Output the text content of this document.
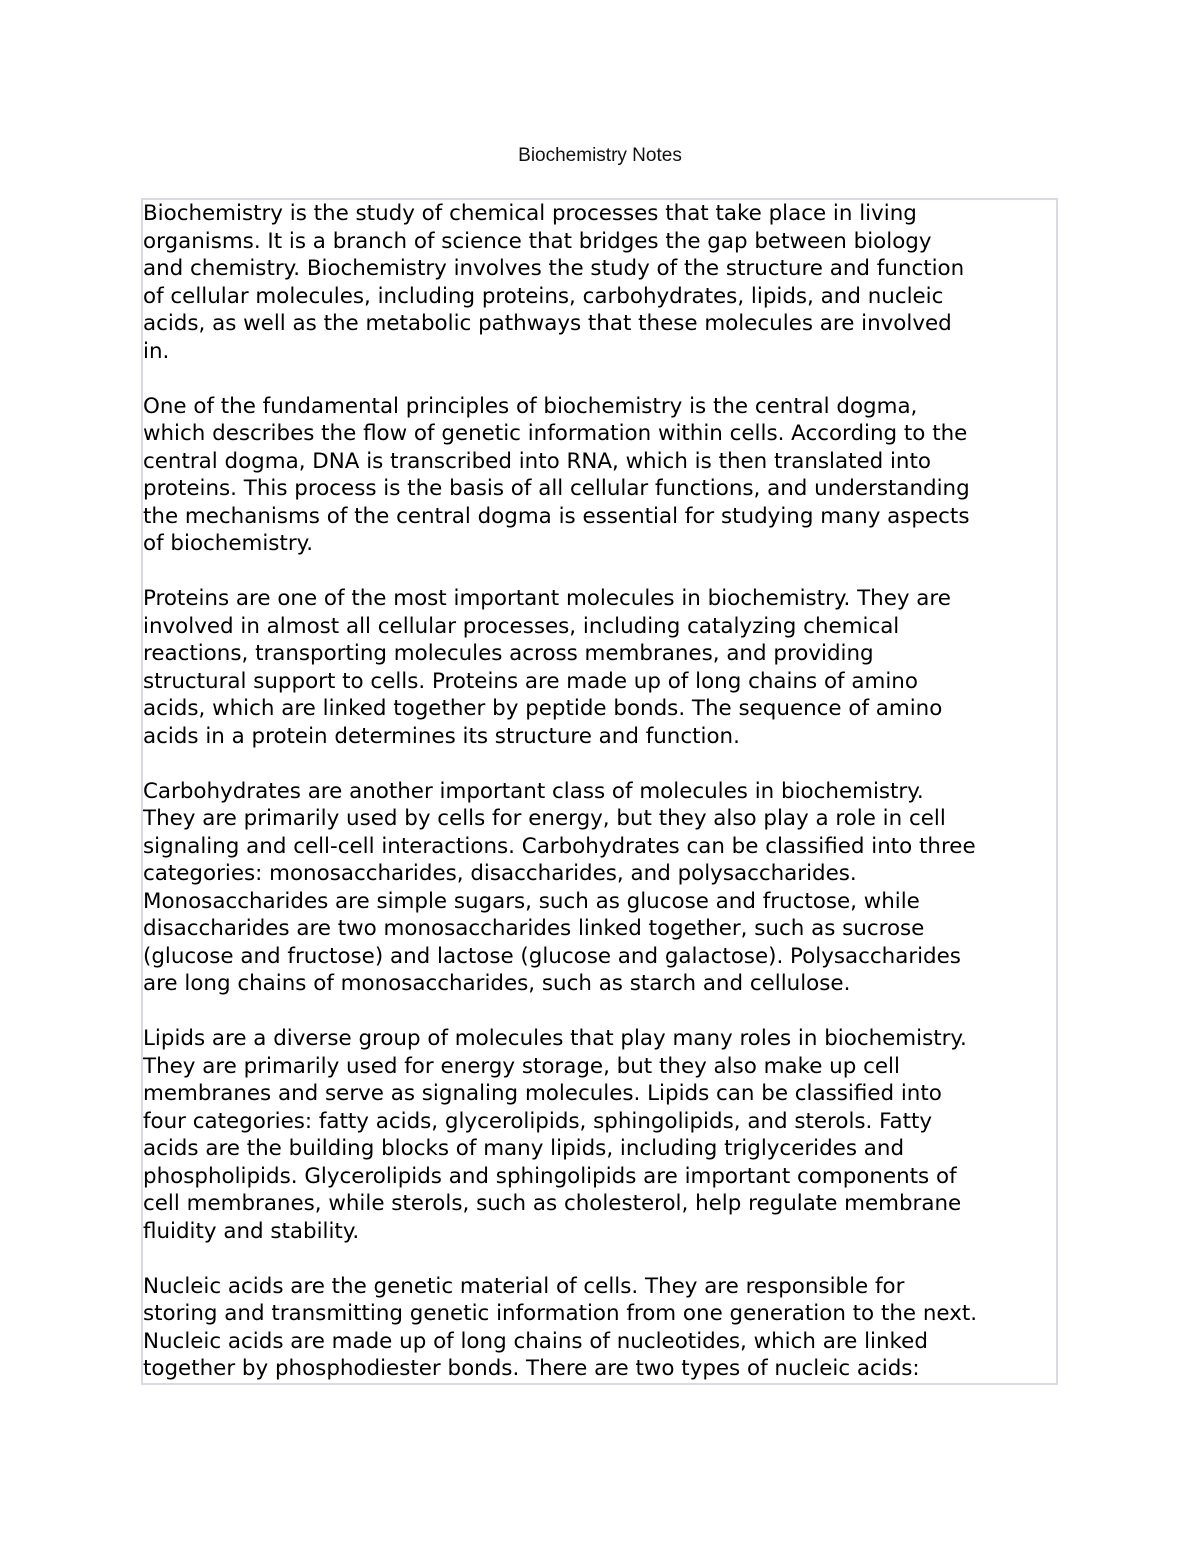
Biochemistry Notes

Biochemistry is the study of chemical processes that take place in living
organisms. It is a branch of science that bridges the gap between biology
and chemistry. Biochemistry involves the study of the structure and function
of cellular molecules, including proteins, carbohydrates, lipids, and nucleic
acids, as well as the metabolic pathways that these molecules are involved
in.

One of the fundamental principles of biochemistry is the central dogma,
which describes the flow of genetic information within cells. According to the
central dogma, DNA is transcribed into RNA, which is then translated into
proteins. This process is the basis of all cellular functions, and understanding
the mechanisms of the central dogma is essential for studying many aspects
of biochemistry.

Proteins are one of the most important molecules in biochemistry. They are
involved in almost all cellular processes, including catalyzing chemical
reactions, transporting molecules across membranes, and providing
structural support to cells. Proteins are made up of long chains of amino
acids, which are linked together by peptide bonds. The sequence of amino
acids in a protein determines its structure and function.

Carbohydrates are another important class of molecules in biochemistry.
They are primarily used by cells for energy, but they also play a role in cell
signaling and cell-cell interactions. Carbohydrates can be classified into three
categories: monosaccharides, disaccharides, and polysaccharides.
Monosaccharides are simple sugars, such as glucose and fructose, while
disaccharides are two monosaccharides linked together, such as sucrose
(glucose and fructose) and lactose (glucose and galactose). Polysaccharides
are long chains of monosaccharides, such as starch and cellulose.

Lipids are a diverse group of molecules that play many roles in biochemistry.
They are primarily used for energy storage, but they also make up cell
membranes and serve as signaling molecules. Lipids can be classified into
four categories: fatty acids, glycerolipids, sphingolipids, and sterols. Fatty
acids are the building blocks of many lipids, including triglycerides and
phospholipids. Glycerolipids and sphingolipids are important components of
cell membranes, while sterols, such as cholesterol, help regulate membrane
fluidity and stability.

Nucleic acids are the genetic material of cells. They are responsible for
storing and transmitting genetic information from one generation to the next.
Nucleic acids are made up of long chains of nucleotides, which are linked
together by phosphodiester bonds. There are two types of nucleic acids:
